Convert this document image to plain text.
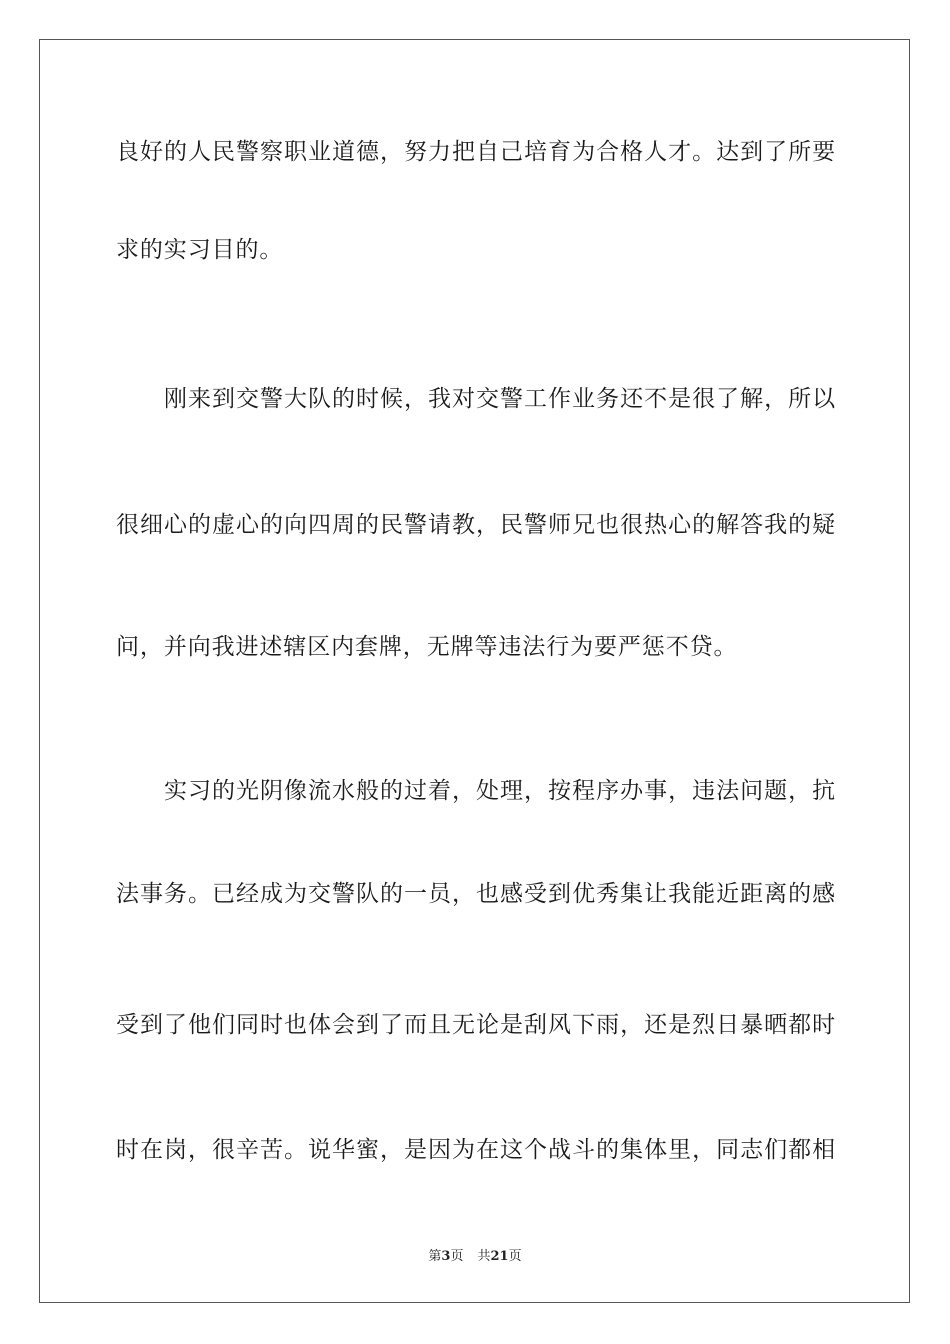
良好的人民警察职业道德，努力把自己培育为合格人才。达到了所要
求的实习目的。
刚来到交警大队的时候，我对交警工作业务还不是很了解，所以
很细心的虚心的向四周的民警请教，民警师兄也很热心的解答我的疑
问，并向我进述辖区内套牌，无牌等违法行为要严惩不贷。
实习的光阴像流水般的过着，处理，按程序办事，违法问题，抗
法事务。已经成为交警队的一员，也感受到优秀集让我能近距离的感
受到了他们同时也体会到了而且无论是刮风下雨，还是烈日暴晒都时
时在岗，很辛苦。说华蜜，是因为在这个战斗的集体里，同志们都相
第3页 共21页
